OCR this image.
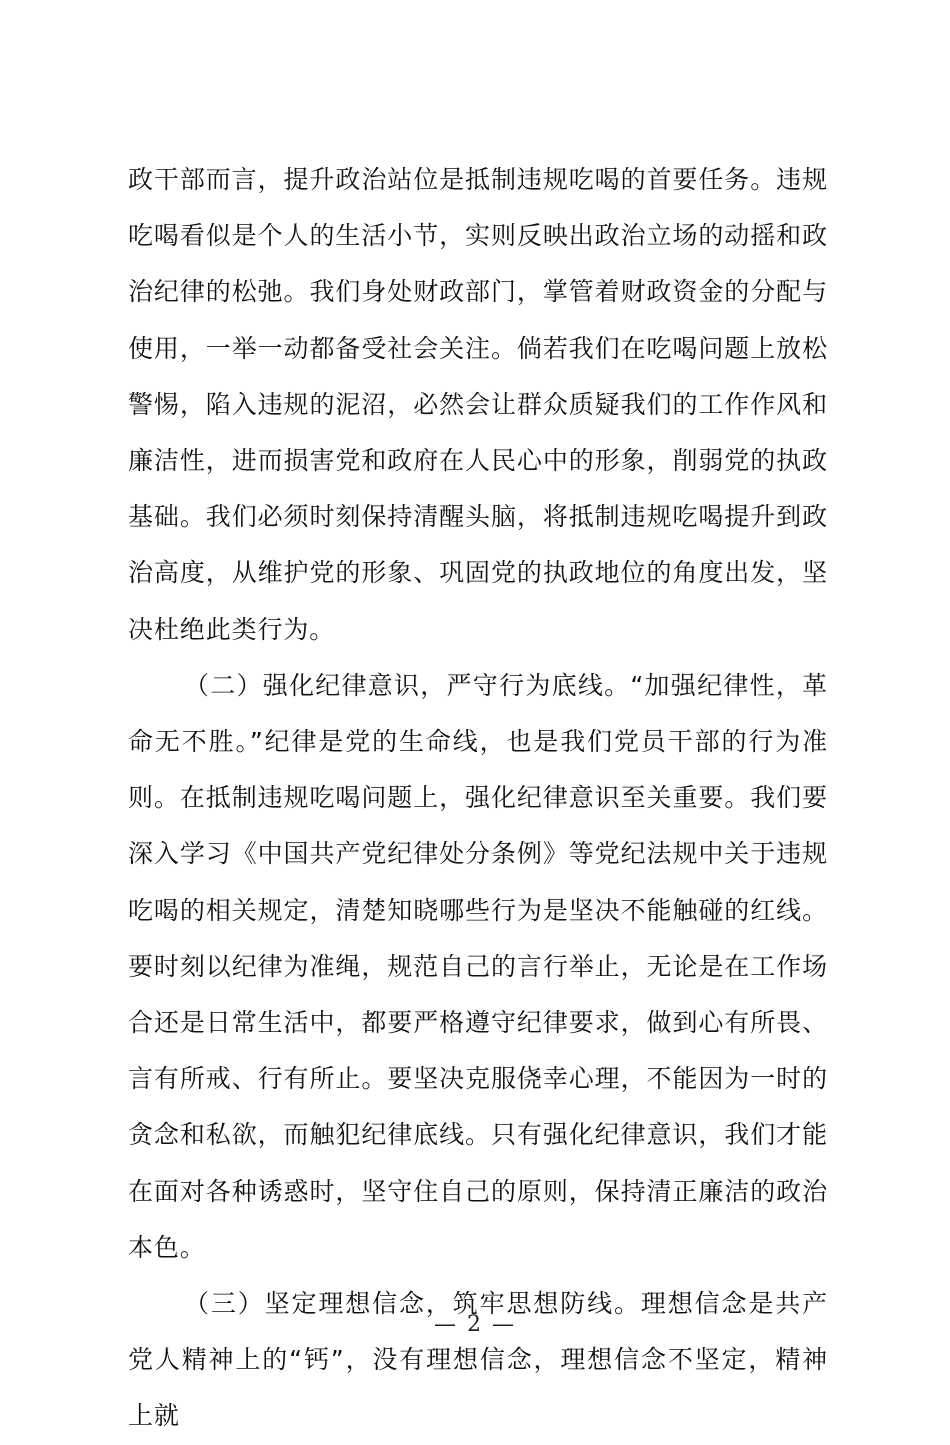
政干部而言，提升政治站位是抵制违规吃喝的首要任务。违规吃喝看似是个人的生活小节，实则反映出政治立场的动摇和政治纪律的松弛。我们身处财政部门，掌管着财政资金的分配与使用，一举一动都备受社会关注。倘若我们在吃喝问题上放松警惕，陷入违规的泥沼，必然会让群众质疑我们的工作作风和廉洁性，进而损害党和政府在人民心中的形象，削弱党的执政基础。我们必须时刻保持清醒头脑，将抵制违规吃喝提升到政治高度，从维护党的形象、巩固党的执政地位的角度出发，坚决杜绝此类行为。

（二）强化纪律意识，严守行为底线。“加强纪律性，革命无不胜。”纪律是党的生命线，也是我们党员干部的行为准则。在抵制违规吃喝问题上，强化纪律意识至关重要。我们要深入学习《中国共产党纪律处分条例》等党纪法规中关于违规吃喝的相关规定，清楚知晓哪些行为是坚决不能触碰的红线。要时刻以纪律为准绳，规范自己的言行举止，无论是在工作场合还是日常生活中，都要严格遵守纪律要求，做到心有所畏、言有所戒、行有所止。要坚决克服侥幸心理，不能因为一时的贪念和私欲，而触犯纪律底线。只有强化纪律意识，我们才能在面对各种诱惑时，坚守住自己的原则，保持清正廉洁的政治本色。

（三）坚定理想信念，筑牢思想防线。理想信念是共产党人精神上的“钙”，没有理想信念，理想信念不坚定，精神上就

— 2 —
